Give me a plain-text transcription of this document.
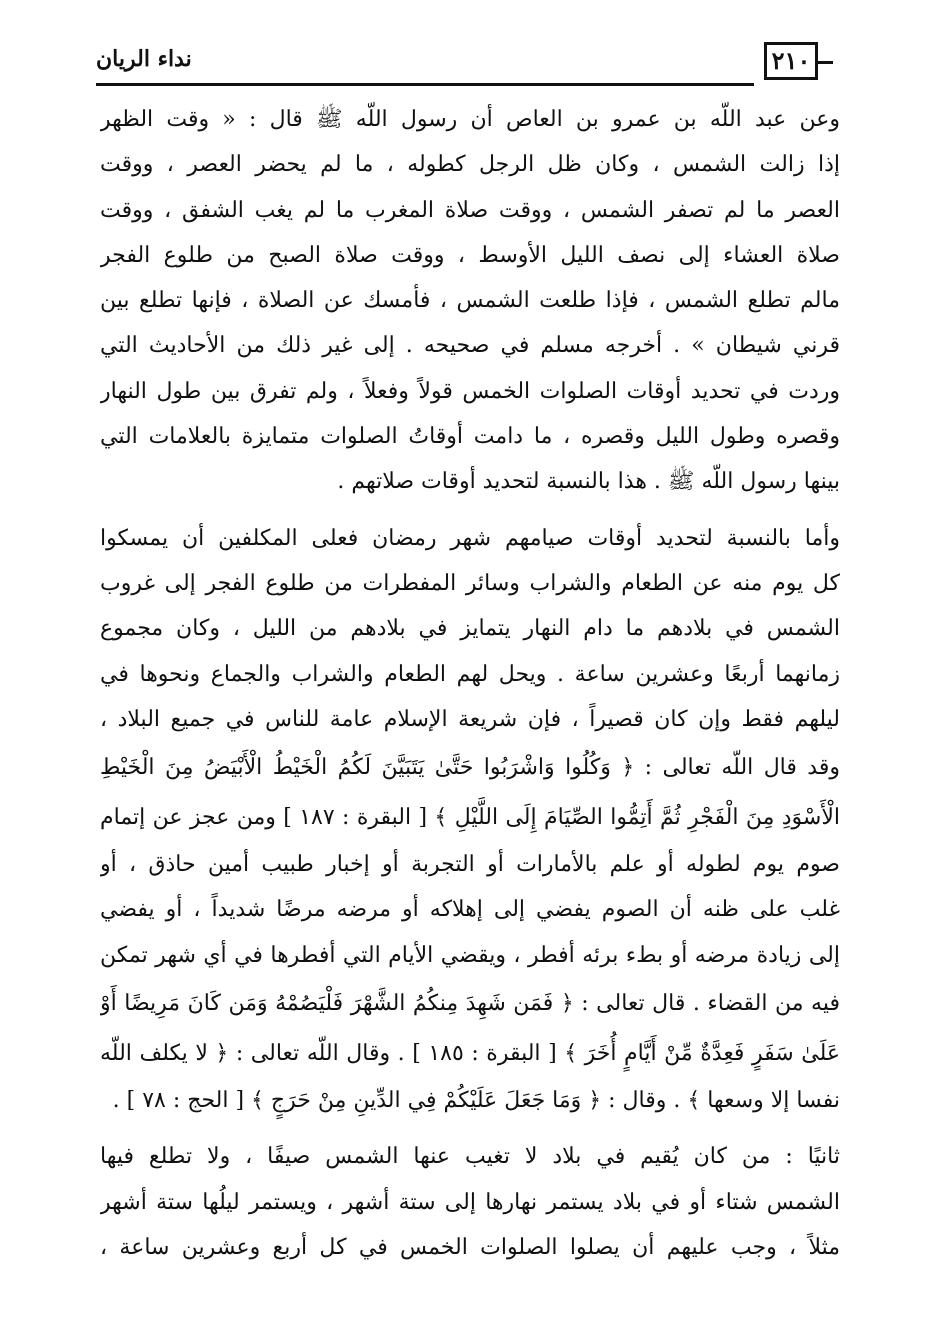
٢١٠
نداء الريان
وعن عبد اللّه بن عمرو بن العاص أن رسول اللّه ﷺ قال : « وقت الظهر
إذا زالت الشمس ، وكان ظل الرجل كطوله ، ما لم يحضر العصر ، ووقت
العصر ما لم تصفر الشمس ، ووقت صلاة المغرب ما لم يغب الشفق ، ووقت
صلاة العشاء إلى نصف الليل الأوسط ، ووقت صلاة الصبح من طلوع الفجر
مالم تطلع الشمس ، فإذا طلعت الشمس ، فأمسك عن الصلاة ، فإنها تطلع بين
قرني شيطان » . أخرجه مسلم في صحيحه . إلى غير ذلك من الأحاديث التي
وردت في تحديد أوقات الصلوات الخمس قولاً وفعلاً ، ولم تفرق بين طول النهار
وقصره وطول الليل وقصره ، ما دامت أوقاتُ الصلوات متمايزة بالعلامات التي
بينها رسول اللّه ﷺ . هذا بالنسبة لتحديد أوقات صلاتهم .
وأما بالنسبة لتحديد أوقات صيامهم شهر رمضان فعلى المكلفين أن يمسكوا
كل يوم منه عن الطعام والشراب وسائر المفطرات من طلوع الفجر إلى غروب
الشمس في بلادهم ما دام النهار يتمايز في بلادهم من الليل ، وكان مجموع
زمانهما أربعًا وعشرين ساعة . ويحل لهم الطعام والشراب والجماع ونحوها في
ليلهم فقط وإن كان قصيراً ، فإن شريعة الإسلام عامة للناس في جميع البلاد ،
وقد قال اللّه تعالى : ﴿ وَكُلُوا وَاشْرَبُوا حَتَّىٰ يَتَبَيَّنَ لَكُمُ الْخَيْطُ الْأَبْيَضُ مِنَ الْخَيْطِ
الْأَسْوَدِ مِنَ الْفَجْرِ ثُمَّ أَتِمُّوا الصِّيَامَ إِلَى اللَّيْلِ ﴾ [ البقرة : ١٨٧ ] ومن عجز عن إتمام
صوم يوم لطوله أو علم بالأمارات أو التجربة أو إخبار طبيب أمين حاذق ، أو
غلب على ظنه أن الصوم يفضي إلى إهلاكه أو مرضه مرضًا شديداً ، أو يفضي
إلى زيادة مرضه أو بطء برئه أفطر ، ويقضي الأيام التي أفطرها في أي شهر تمكن
فيه من القضاء . قال تعالى : ﴿ فَمَن شَهِدَ مِنكُمُ الشَّهْرَ فَلْيَصُمْهُ وَمَن كَانَ مَرِيضًا أَوْ
عَلَىٰ سَفَرٍ فَعِدَّةٌ مِّنْ أَيَّامٍ أُخَرَ ﴾ [ البقرة : ١٨٥ ] . وقال اللّه تعالى : ﴿ لا يكلف اللّه
نفسا إلا وسعها ﴾ . وقال : ﴿ وَمَا جَعَلَ عَلَيْكُمْ فِي الدِّينِ مِنْ حَرَجٍ ﴾ [ الحج : ٧٨ ] .
ثانيًا : من كان يُقيم في بلاد لا تغيب عنها الشمس صيفًا ، ولا تطلع فيها
الشمس شتاء أو في بلاد يستمر نهارها إلى ستة أشهر ، ويستمر ليلُها ستة أشهر
مثلاً ، وجب عليهم أن يصلوا الصلوات الخمس في كل أربع وعشرين ساعة ،
